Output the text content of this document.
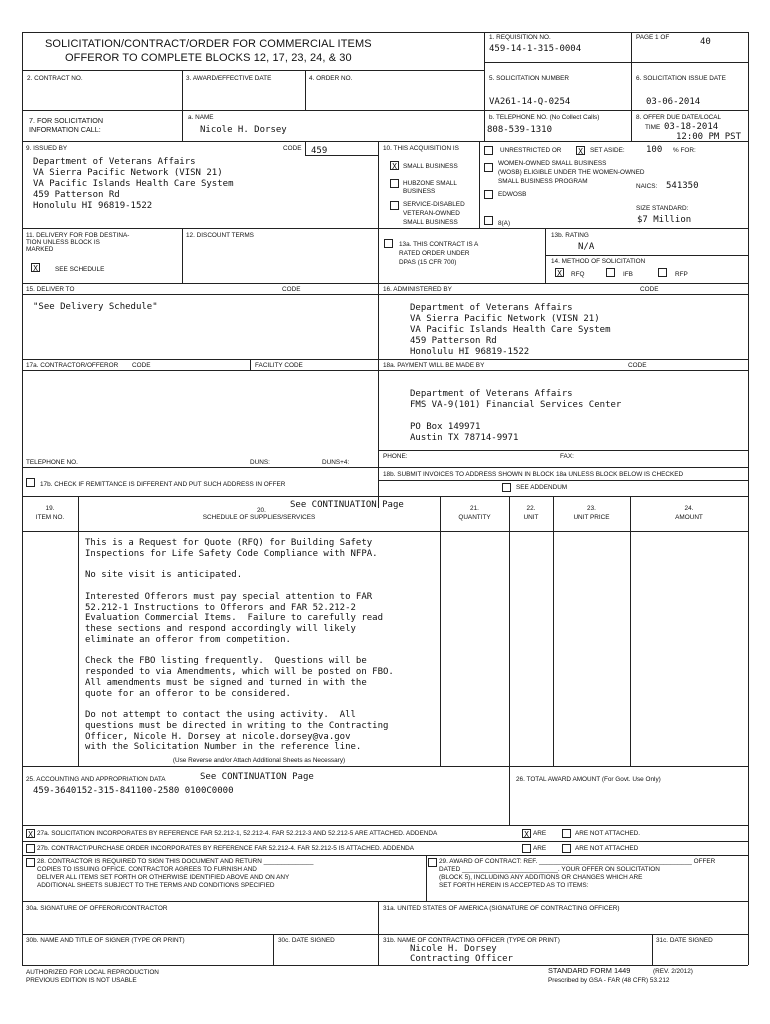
SOLICITATION/CONTRACT/ORDER FOR COMMERCIAL ITEMS
OFFEROR TO COMPLETE BLOCKS 12, 17, 23, 24, & 30
1. REQUISITION NO.
459-14-1-315-0004
PAGE 1 OF	40
2. CONTRACT NO.	3. AWARD/EFFECTIVE DATE	4. ORDER NO.	5. SOLICITATION NUMBER
VA261-14-Q-0254
6. SOLICITATION ISSUE DATE
03-06-2014
7. FOR SOLICITATION
INFORMATION CALL:
a. NAME
Nicole H. Dorsey
b. TELEPHONE NO. (No Collect Calls)
808-539-1310
8. OFFER DUE DATE/LOCAL
TIME 03-18-2014
12:00 PM PST
9. ISSUED BY	CODE 459
Department of Veterans Affairs
VA Sierra Pacific Network (VISN 21)
VA Pacific Islands Health Care System
459 Patterson Rd
Honolulu HI 96819-1522
10. THIS ACQUISITION IS	UNRESTRICTED OR X	SET ASIDE: 100 % FOR:
X SMALL BUSINESS
HUBZONE SMALL
BUSINESS
SERVICE-DISABLED
VETERAN-OWNED
SMALL BUSINESS
WOMEN-OWNED SMALL BUSINESS
(WOSB) ELIGIBLE UNDER THE WOMEN-OWNED
SMALL BUSINESS PROGRAM
EDWOSB
8(A)
NAICS: 541350
SIZE STANDARD:
$7 Million
11. DELIVERY FOR FOB DESTINA-
TION UNLESS BLOCK IS
MARKED
X	SEE SCHEDULE
12. DISCOUNT TERMS
13a. THIS CONTRACT IS A
RATED ORDER UNDER
DPAS (15 CFR 700)
13b. RATING
N/A
14. METHOD OF SOLICITATION
X	RFQ	IFB	RFP
15. DELIVER TO	CODE
"See Delivery Schedule"
16. ADMINISTERED BY	CODE
Department of Veterans Affairs
VA Sierra Pacific Network (VISN 21)
VA Pacific Islands Health Care System
459 Patterson Rd
Honolulu HI 96819-1522
17a. CONTRACTOR/OFFEROR CODE	FACILITY CODE	18a. PAYMENT WILL BE MADE BY	CODE
Department of Veterans Affairs
FMS VA-9(101) Financial Services Center
PO Box 149971
Austin TX 78714-9971
TELEPHONE NO.	DUNS:	DUNS+4:
PHONE:	FAX:
17b. CHECK IF REMITTANCE IS DIFFERENT AND PUT SUCH ADDRESS IN OFFER
18b. SUBMIT INVOICES TO ADDRESS SHOWN IN BLOCK 18a UNLESS BLOCK BELOW IS CHECKED
SEE ADDENDUM
19.
ITEM NO.
20.
See CONTINUATION Page
SCHEDULE OF SUPPLIES/SERVICES
21.
QUANTITY
22.
UNIT
23.
UNIT PRICE
24.
AMOUNT
This is a Request for Quote (RFQ) for Building Safety
Inspections for Life Safety Code Compliance with NFPA.
No site visit is anticipated.
Interested Offerors must pay special attention to FAR
52.212-1 Instructions to Offerors and FAR 52.212-2
Evaluation Commercial Items.  Failure to carefully read
these sections and respond accordingly will likely
eliminate an offeror from competition.
Check the FBO listing frequently.  Questions will be
responded to via Amendments, which will be posted on FBO.
All amendments must be signed and turned in with the
quote for an offeror to be considered.
Do not attempt to contact the using activity.  All
questions must be directed in writing to the Contracting
Officer, Nicole H. Dorsey at nicole.dorsey@va.gov
with the Solicitation Number in the reference line.
(Use Reverse and/or Attach Additional Sheets as Necessary)
25. ACCOUNTING AND APPROPRIATION DATA	See CONTINUATION Page
459-3640152-315-841100-2580 0100C0000
26. TOTAL AWARD AMOUNT (For Govt. Use Only)
X 27a. SOLICITATION INCORPORATES BY REFERENCE FAR 52.212-1, 52.212-4. FAR 52.212-3 AND 52.212-5 ARE ATTACHED. ADDENDA	X ARE	ARE NOT ATTACHED.
27b. CONTRACT/PURCHASE ORDER INCORPORATES BY REFERENCE FAR 52.212-4. FAR 52.212-5 IS ATTACHED. ADDENDA	ARE	ARE NOT ATTACHED
28. CONTRACTOR IS REQUIRED TO SIGN THIS DOCUMENT AND RETURN ______________
COPIES TO ISSUING OFFICE. CONTRACTOR AGREES TO FURNISH AND
DELIVER ALL ITEMS SET FORTH OR OTHERWISE IDENTIFIED ABOVE AND ON ANY
ADDITIONAL SHEETS SUBJECT TO THE TERMS AND CONDITIONS SPECIFIED
29. AWARD OF CONTRACT: REF. ___________________________________________ OFFER
DATED ___________________________. YOUR OFFER ON SOLICITATION
(BLOCK 5), INCLUDING ANY ADDITIONS OR CHANGES WHICH ARE
SET FORTH HEREIN IS ACCEPTED AS TO ITEMS:
30a. SIGNATURE OF OFFEROR/CONTRACTOR	31a. UNITED STATES OF AMERICA (SIGNATURE OF CONTRACTING OFFICER)
30b. NAME AND TITLE OF SIGNER (TYPE OR PRINT)	30c. DATE SIGNED	31b. NAME OF CONTRACTING OFFICER (TYPE OR PRINT)
Nicole H. Dorsey
Contracting Officer
31c. DATE SIGNED
AUTHORIZED FOR LOCAL REPRODUCTION
PREVIOUS EDITION IS NOT USABLE
STANDARD FORM 1449	(REV. 2/2012)
Prescribed by GSA - FAR (48 CFR) 53.212
